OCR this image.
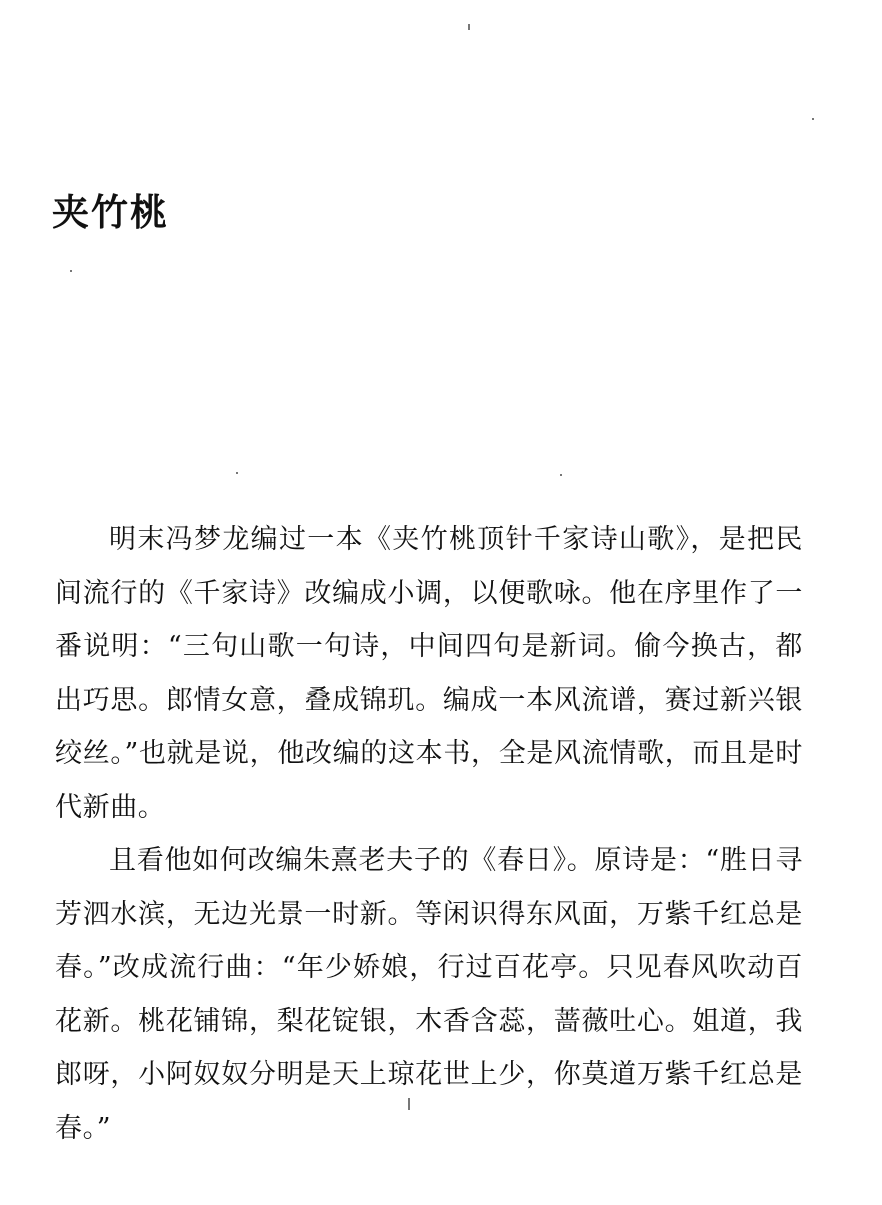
夹竹桃

明末冯梦龙编过一本《夹竹桃顶针千家诗山歌》，是把民间流行的《千家诗》改编成小调，以便歌咏。他在序里作了一番说明：“三句山歌一句诗，中间四句是新词。偷今换古，都出巧思。郎情女意，叠成锦玑。编成一本风流谱，赛过新兴银绞丝。”也就是说，他改编的这本书，全是风流情歌，而且是时代新曲。

且看他如何改编朱熹老夫子的《春日》。原诗是：“胜日寻芳泗水滨，无边光景一时新。等闲识得东风面，万紫千红总是春。”改成流行曲：“年少娇娘，行过百花亭。只见春风吹动百花新。桃花铺锦，梨花锭银，木香含蕊，蔷薇吐心。姐道，我郎呀，小阿奴奴分明是天上琼花世上少，你莫道万紫千红总是春。”
